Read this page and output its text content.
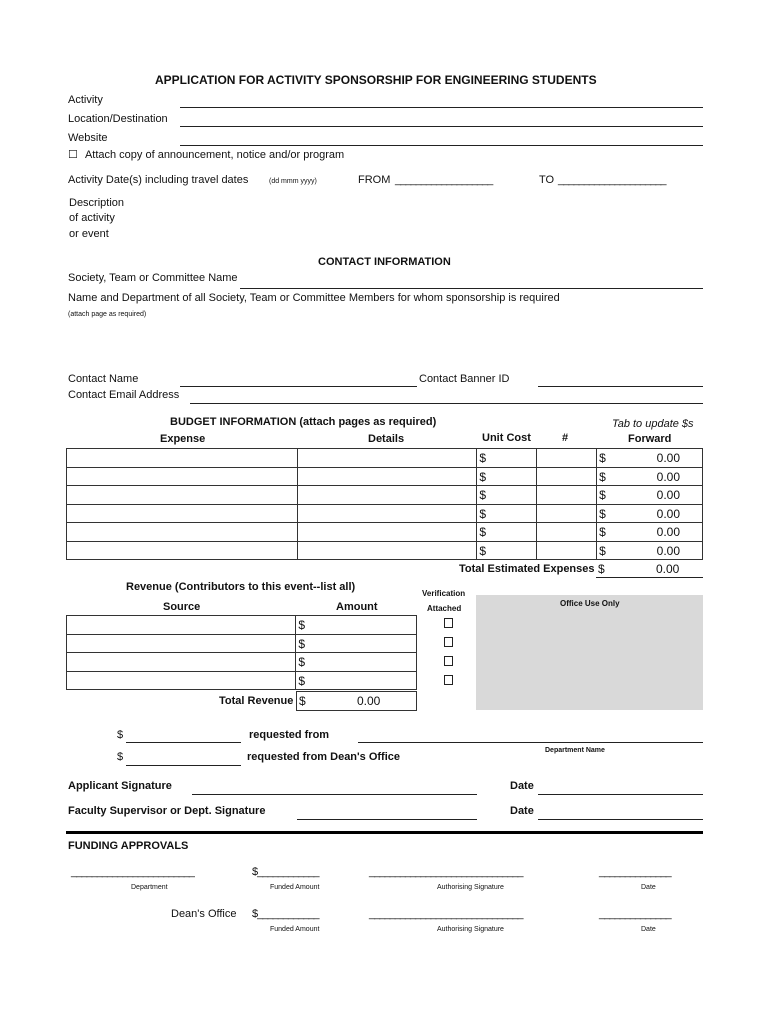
APPLICATION FOR ACTIVITY SPONSORSHIP FOR ENGINEERING STUDENTS
Activity
Location/Destination
Website
☐ Attach copy of announcement, notice and/or program
Activity Date(s) including travel dates	(dd mmm yyyy)	FROM ___________________	TO _____________________
Description
of activity
or event
CONTACT INFORMATION
Society, Team or Committee Name
Name and Department of all Society, Team or Committee Members for whom sponsorship is required
(attach page as required)
Contact Name	Contact Banner ID
Contact Email Address
BUDGET INFORMATION (attach pages as required)	Tab to update $s
Expense	Details	Unit Cost	#	Forward

		$		$ 0.00

		$		$ 0.00

		$		$ 0.00

		$		$ 0.00

		$		$ 0.00

		$		$ 0.00
Total Estimated Expenses $	0.00
Revenue (Contributors to this event--list all)
Verification
Attached
Source	Amount

	$

	$

	$

	$
Total Revenue $	0.00
Office Use Only
$	requested from
Department Name
$	requested from Dean's Office
Applicant Signature	Date
Faculty Supervisor or Dept. Signature	Date
FUNDING APPROVALS
________________________	$____________	______________________________	______________
Department	Funded Amount	Authorising Signature	Date
Dean's Office $____________	______________________________	______________
Funded Amount	Authorising Signature	Date
